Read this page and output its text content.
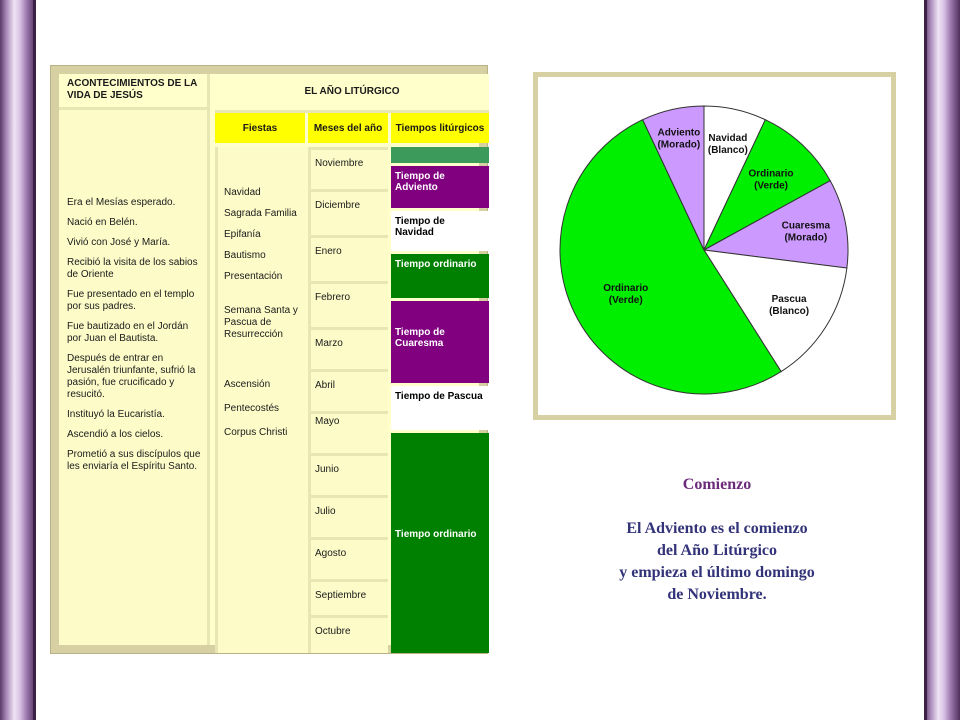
ACONTECIMIENTOS DE LA VIDA DE JESÚS
Era el Mesías esperado.
Nació en Belén.
Vivió con José y María.
Recibió la visita de los sabios de Oriente
Fue presentado en el templo por sus padres.
Fue bautizado en el Jordán por Juan el Bautista.
Después de entrar en Jerusalén triunfante, sufrió la pasión, fue crucificado y resucitó.
Instituyó la Eucaristía.
Ascendió a los cielos.
Prometió a sus discípulos que les enviaría el Espíritu Santo.
EL AÑO LITÚRGICO
Fiestas	Meses del año	Tiempos litúrgicos
Navidad
Sagrada Familia
Epifanía
Bautismo
Presentación
Semana Santa y Pascua de Resurrección
Ascensión
Pentecostés
Corpus Christi
Noviembre
Diciembre
Enero
Febrero
Marzo
Abril
Mayo
Junio
Julio
Agosto
Septiembre
Octubre
Tiempo de Adviento
Tiempo de Navidad
Tiempo ordinario
Tiempo de Cuaresma
Tiempo de Pascua
Tiempo ordinario
Navidad
(Blanco)
Ordinario
(Verde)
Cuaresma
(Morado)
Pascua
(Blanco)
Ordinario
(Verde)
Adviento
(Morado)
Comienzo
El Adviento es el comienzo
del Año Litúrgico
y empieza el último domingo
de Noviembre.
